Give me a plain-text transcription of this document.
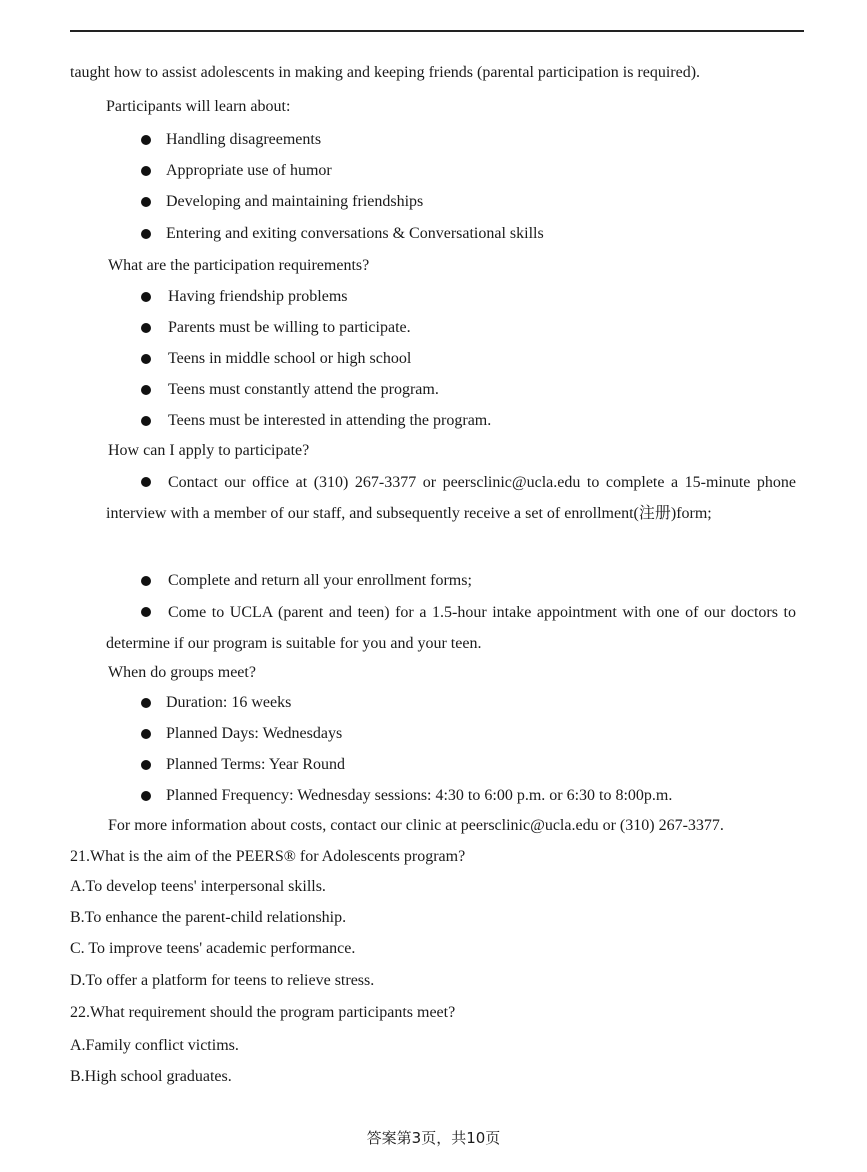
taught how to assist adolescents in making and keeping friends (parental participation is required).
Participants will learn about:
Handling disagreements
Appropriate use of humor
Developing and maintaining friendships
Entering and exiting conversations & Conversational skills
What are the participation requirements?
Having friendship problems
Parents must be willing to participate.
Teens in middle school or high school
Teens must constantly attend the program.
Teens must be interested in attending the program.
How can I apply to participate?
Contact our office at (310) 267-3377 or peersclinic@ucla.edu to complete a 15-minute phone interview with a member of our staff, and subsequently receive a set of enrollment(注册)form;
Complete and return all your enrollment forms;
Come to UCLA (parent and teen) for a 1.5-hour intake appointment with one of our doctors to determine if our program is suitable for you and your teen.
When do groups meet?
Duration: 16 weeks
Planned Days: Wednesdays
Planned Terms: Year Round
Planned Frequency: Wednesday sessions: 4:30 to 6:00 p.m. or 6:30 to 8:00p.m.
For more information about costs, contact our clinic at peersclinic@ucla.edu or (310) 267-3377.
21.What is the aim of the PEERS® for Adolescents program?
A.To develop teens' interpersonal skills.
B.To enhance the parent-child relationship.
C. To improve teens' academic performance.
D.To offer a platform for teens to relieve stress.
22.What requirement should the program participants meet?
A.Family conflict victims.
B.High school graduates.
答案第3页，共10页
